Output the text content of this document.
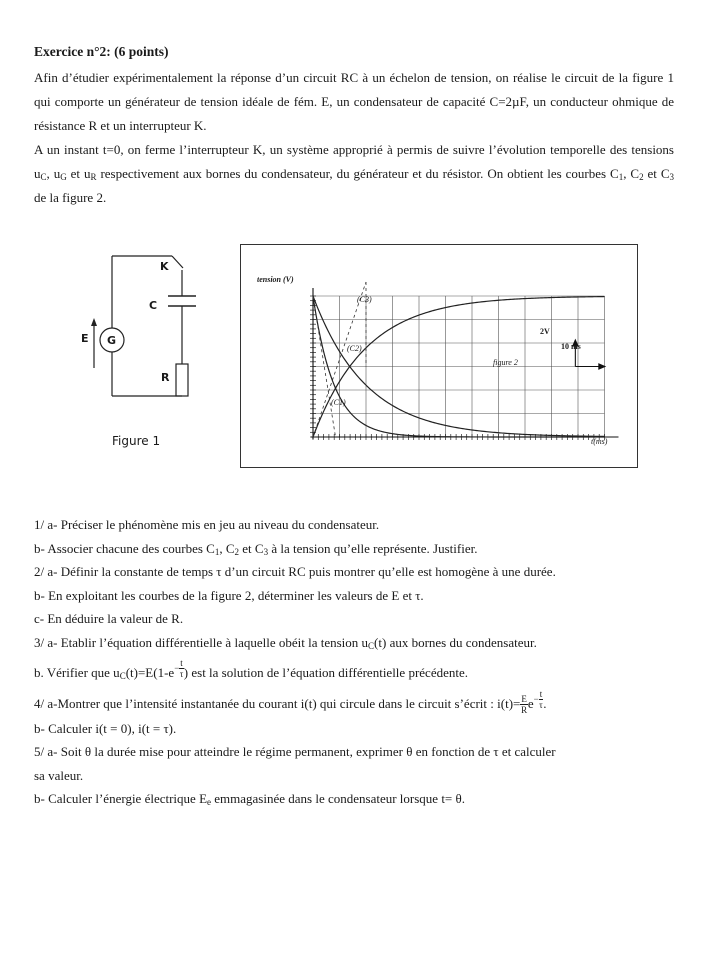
Exercice n°2: (6 points)

Afin d’étudier expérimentalement la réponse d’un circuit RC à un échelon de tension, on réalise le circuit de la figure 1 qui comporte un générateur de tension idéale de fém. E, un condensateur de capacité C=2µF, un conducteur ohmique de résistance R et un interrupteur K.

A un instant t=0, on ferme l’interrupteur K, un système approprié à permis de suivre l’évolution temporelle des tensions $u_C$, $u_G$ et $u_R$ respectivement aux bornes du condensateur, du générateur et du résistor. On obtient les courbes $C_1$, $C_2$ et $C_3$ de la figure 2.

K
C
E G
R
Figure 1
tension (V)
t(ms)
figure 2
2V
10 ms
(C3)
(C2)
(C1)

1/ a- Préciser le phénomène mis en jeu au niveau du condensateur.

b- Associer chacune des courbes $C_1$, $C_2$ et $C_3$ à la tension qu’elle représente. Justifier.

2/ a- Définir la constante de temps τ d’un circuit RC puis montrer qu’elle est homogène à une durée.

b- En exploitant les courbes de la figure 2, déterminer les valeurs de E et τ.

c- En déduire la valeur de R.

3/ a- Etablir l’équation différentielle à laquelle obéit la tension $u_C(t)$ aux bornes du condensateur.

b. Vérifier que $u_C(t)=E(1-e^{- \frac{t}{\tau}}$ ) est la solution de l’équation différentielle précédente.

4/ a-Montrer que l’intensité instantanée du courant i(t) qui circule dans le circuit s’écrit : $i(t)= \frac{E}{R} e^{- \frac{t}{\tau}}$ .

b- Calculer i(t = 0), i(t = τ).

5/ a- Soit θ la durée mise pour atteindre le régime permanent, exprimer θ en fonction de τ et calculer

sa valeur.

b- Calculer l’énergie électrique $E_e$ emmagasinée dans le condensateur lorsque t= θ.
